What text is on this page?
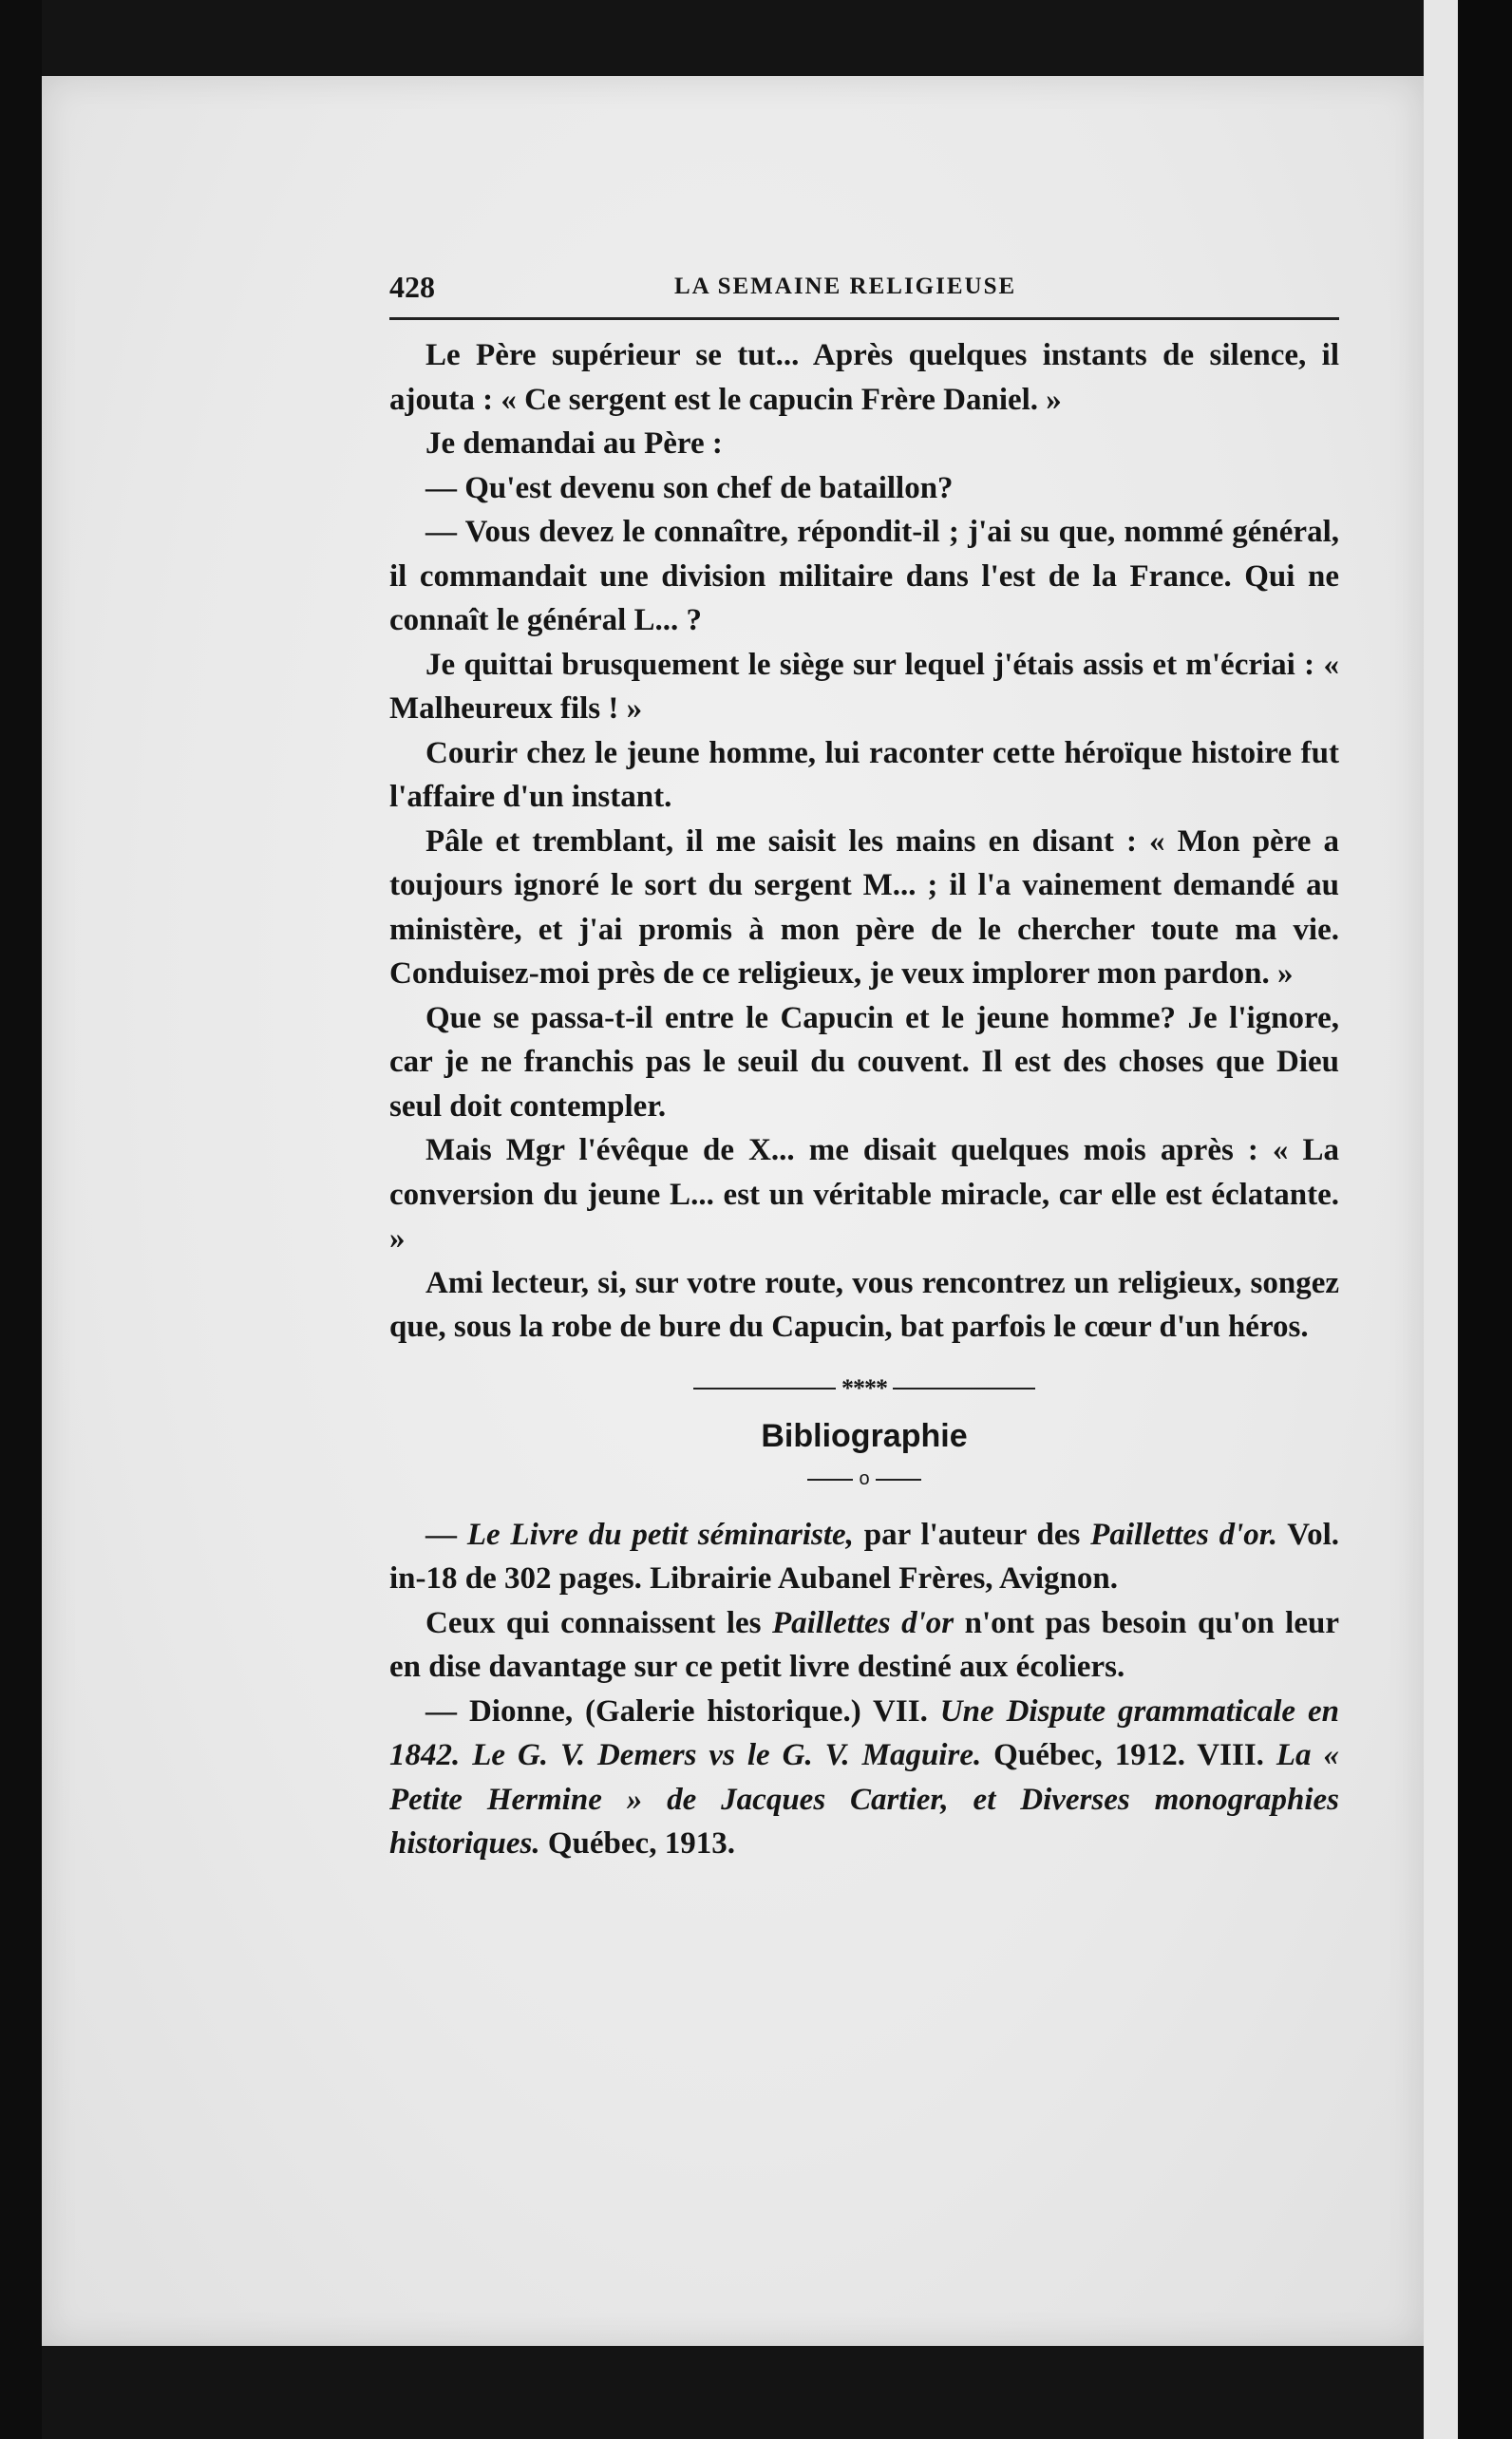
428	LA SEMAINE RELIGIEUSE

Le Père supérieur se tut... Après quelques instants de silence, il ajouta : « Ce sergent est le capucin Frère Daniel. »

Je demandai au Père :

— Qu'est devenu son chef de bataillon?

— Vous devez le connaître, répondit-il ; j'ai su que, nommé général, il commandait une division militaire dans l'est de la France. Qui ne connaît le général L... ?

Je quittai brusquement le siège sur lequel j'étais assis et m'écriai : « Malheureux fils ! »

Courir chez le jeune homme, lui raconter cette héroïque histoire fut l'affaire d'un instant.

Pâle et tremblant, il me saisit les mains en disant : « Mon père a toujours ignoré le sort du sergent M... ; il l'a vainement demandé au ministère, et j'ai promis à mon père de le chercher toute ma vie. Conduisez-moi près de ce religieux, je veux implorer mon pardon. »

Que se passa-t-il entre le Capucin et le jeune homme? Je l'ignore, car je ne franchis pas le seuil du couvent. Il est des choses que Dieu seul doit contempler.

Mais Mgr l'évêque de X... me disait quelques mois après : « La conversion du jeune L... est un véritable miracle, car elle est éclatante. »

Ami lecteur, si, sur votre route, vous rencontrez un religieux, songez que, sous la robe de bure du Capucin, bat parfois le cœur d'un héros.

****
Bibliographie
o

— Le Livre du petit séminariste, par l'auteur des Paillettes d'or. Vol. in-18 de 302 pages. Librairie Aubanel Frères, Avignon.

Ceux qui connaissent les Paillettes d'or n'ont pas besoin qu'on leur en dise davantage sur ce petit livre destiné aux écoliers.

— Dionne, (Galerie historique.) VII. Une Dispute grammaticale en 1842. Le G. V. Demers vs le G. V. Maguire. Québec, 1912. VIII. La « Petite Hermine » de Jacques Cartier, et Diverses monographies historiques. Québec, 1913.
